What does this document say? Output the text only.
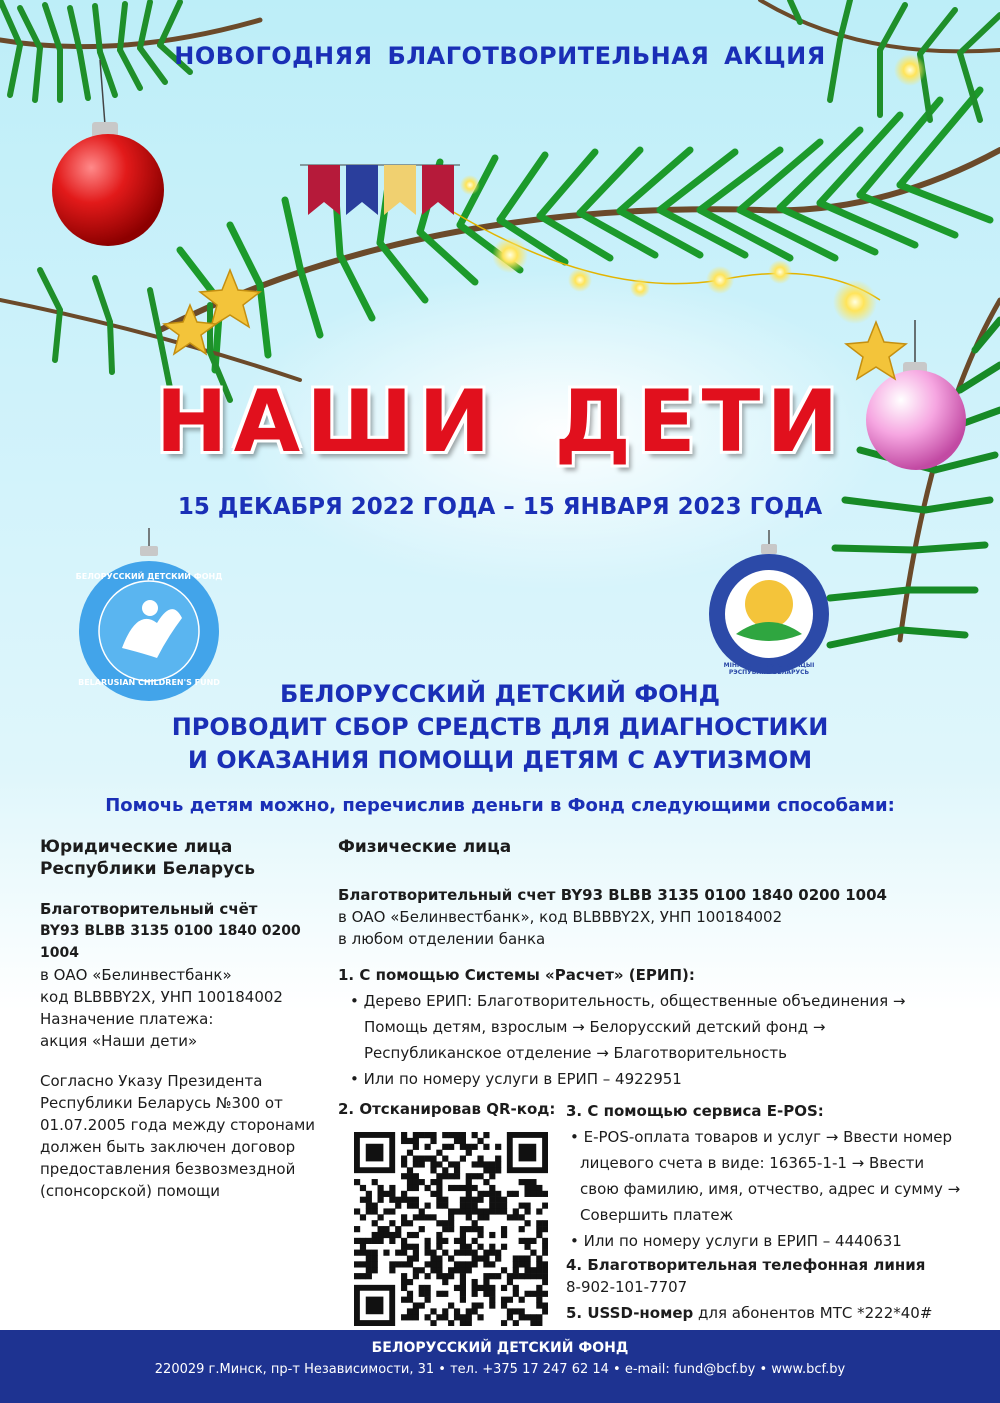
БЕЛОРУССКИЙ ДЕТСКИЙ ФОНД
BELARUSIAN CHILDREN'S FUND
МІНІСТЭРСТВА АДУКАЦЫІ РЭСПУБЛІКІ БЕЛАРУСЬ
НОВОГОДНЯЯ БЛАГОТВОРИТЕЛЬНАЯ АКЦИЯ
НАШИ ДЕТИ
15 ДЕКАБРЯ 2022 ГОДА – 15 ЯНВАРЯ 2023 ГОДА
БЕЛОРУССКИЙ ДЕТСКИЙ ФОНД
ПРОВОДИТ СБОР СРЕДСТВ ДЛЯ ДИАГНОСТИКИ
И ОКАЗАНИЯ ПОМОЩИ ДЕТЯМ С АУТИЗМОМ
Помочь детям можно, перечислив деньги в Фонд следующими способами:
Юридические лица
Республики Беларусь
Благотворительный счёт
BY93 BLBB 3135 0100 1840 0200 1004
в ОАО «Белинвестбанк»
код BLBBBY2X, УНП 100184002
Назначение платежа:
акция «Наши дети»
Согласно Указу Президента
Республики Беларусь №300 от
01.07.2005 года между сторонами
должен быть заключен договор
предоставления безвозмездной
(спонсорской) помощи
Физические лица
Благотворительный счет BY93 BLBB 3135 0100 1840 0200 1004
в ОАО «Белинвестбанк», код BLBBBY2X, УНП 100184002
в любом отделении банка
1. С помощью Системы «Расчет» (ЕРИП):
• Дерево ЕРИП: Благотворительность, общественные объединения →
Помощь детям, взрослым → Белорусский детский фонд →
Республиканское отделение → Благотворительность
• Или по номеру услуги в ЕРИП – 4922951
2. Отсканировав QR-код: 3. С помощью сервиса E-POS:
• E-POS-оплата товаров и услуг → Ввести номер
лицевого счета в виде: 16365-1-1 → Ввести
свою фамилию, имя, отчество, адрес и сумму →
Совершить платеж
• Или по номеру услуги в ЕРИП – 4440631
4. Благотворительная телефонная линия
8-902-101-7707
5. USSD-номер для абонентов МТС *222*40#
БЕЛОРУССКИЙ ДЕТСКИЙ ФОНД
220029 г.Минск, пр-т Независимости, 31 • тел. +375 17 247 62 14 • e-mail: fund@bcf.by • www.bcf.by
